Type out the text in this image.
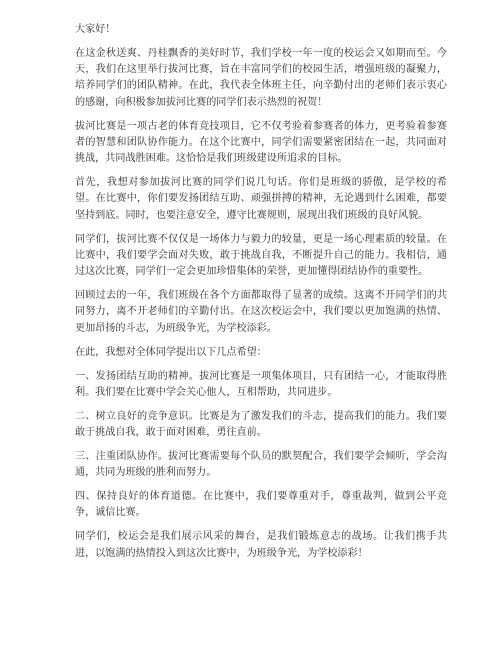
大家好！

在这金秋送爽、丹桂飘香的美好时节，我们学校一年一度的校运会又如期而至。今天，我们在这里举行拔河比赛，旨在丰富同学们的校园生活，增强班级的凝聚力，培养同学们的团队精神。在此，我代表全体班主任，向辛勤付出的老师们表示衷心的感谢，向积极参加拔河比赛的同学们表示热烈的祝贺！

拔河比赛是一项古老的体育竞技项目，它不仅考验着参赛者的体力，更考验着参赛者的智慧和团队协作能力。在这个比赛中，同学们需要紧密团结在一起，共同面对挑战，共同战胜困难。这恰恰是我们班级建设所追求的目标。

首先，我想对参加拔河比赛的同学们说几句话。你们是班级的骄傲，是学校的希望。在比赛中，你们要发扬团结互助、顽强拼搏的精神，无论遇到什么困难，都要坚持到底。同时，也要注意安全，遵守比赛规则，展现出我们班级的良好风貌。

同学们，拔河比赛不仅仅是一场体力与毅力的较量，更是一场心理素质的较量。在比赛中，我们要学会面对失败，敢于挑战自我，不断提升自己的能力。我相信，通过这次比赛，同学们一定会更加珍惜集体的荣誉，更加懂得团结协作的重要性。

回顾过去的一年，我们班级在各个方面都取得了显著的成绩。这离不开同学们的共同努力，离不开老师们的辛勤付出。在这次校运会中，我们要以更加饱满的热情、更加昂扬的斗志，为班级争光，为学校添彩。

在此，我想对全体同学提出以下几点希望：

一、发扬团结互助的精神。拔河比赛是一项集体项目，只有团结一心，才能取得胜利。我们要在比赛中学会关心他人，互相帮助，共同进步。

二、树立良好的竞争意识。比赛是为了激发我们的斗志，提高我们的能力。我们要敢于挑战自我，敢于面对困难，勇往直前。

三、注重团队协作。拔河比赛需要每个队员的默契配合，我们要学会倾听，学会沟通，共同为班级的胜利而努力。

四、保持良好的体育道德。在比赛中，我们要尊重对手，尊重裁判，做到公平竞争，诚信比赛。

同学们，校运会是我们展示风采的舞台，是我们锻炼意志的战场。让我们携手共进，以饱满的热情投入到这次比赛中，为班级争光，为学校添彩！
